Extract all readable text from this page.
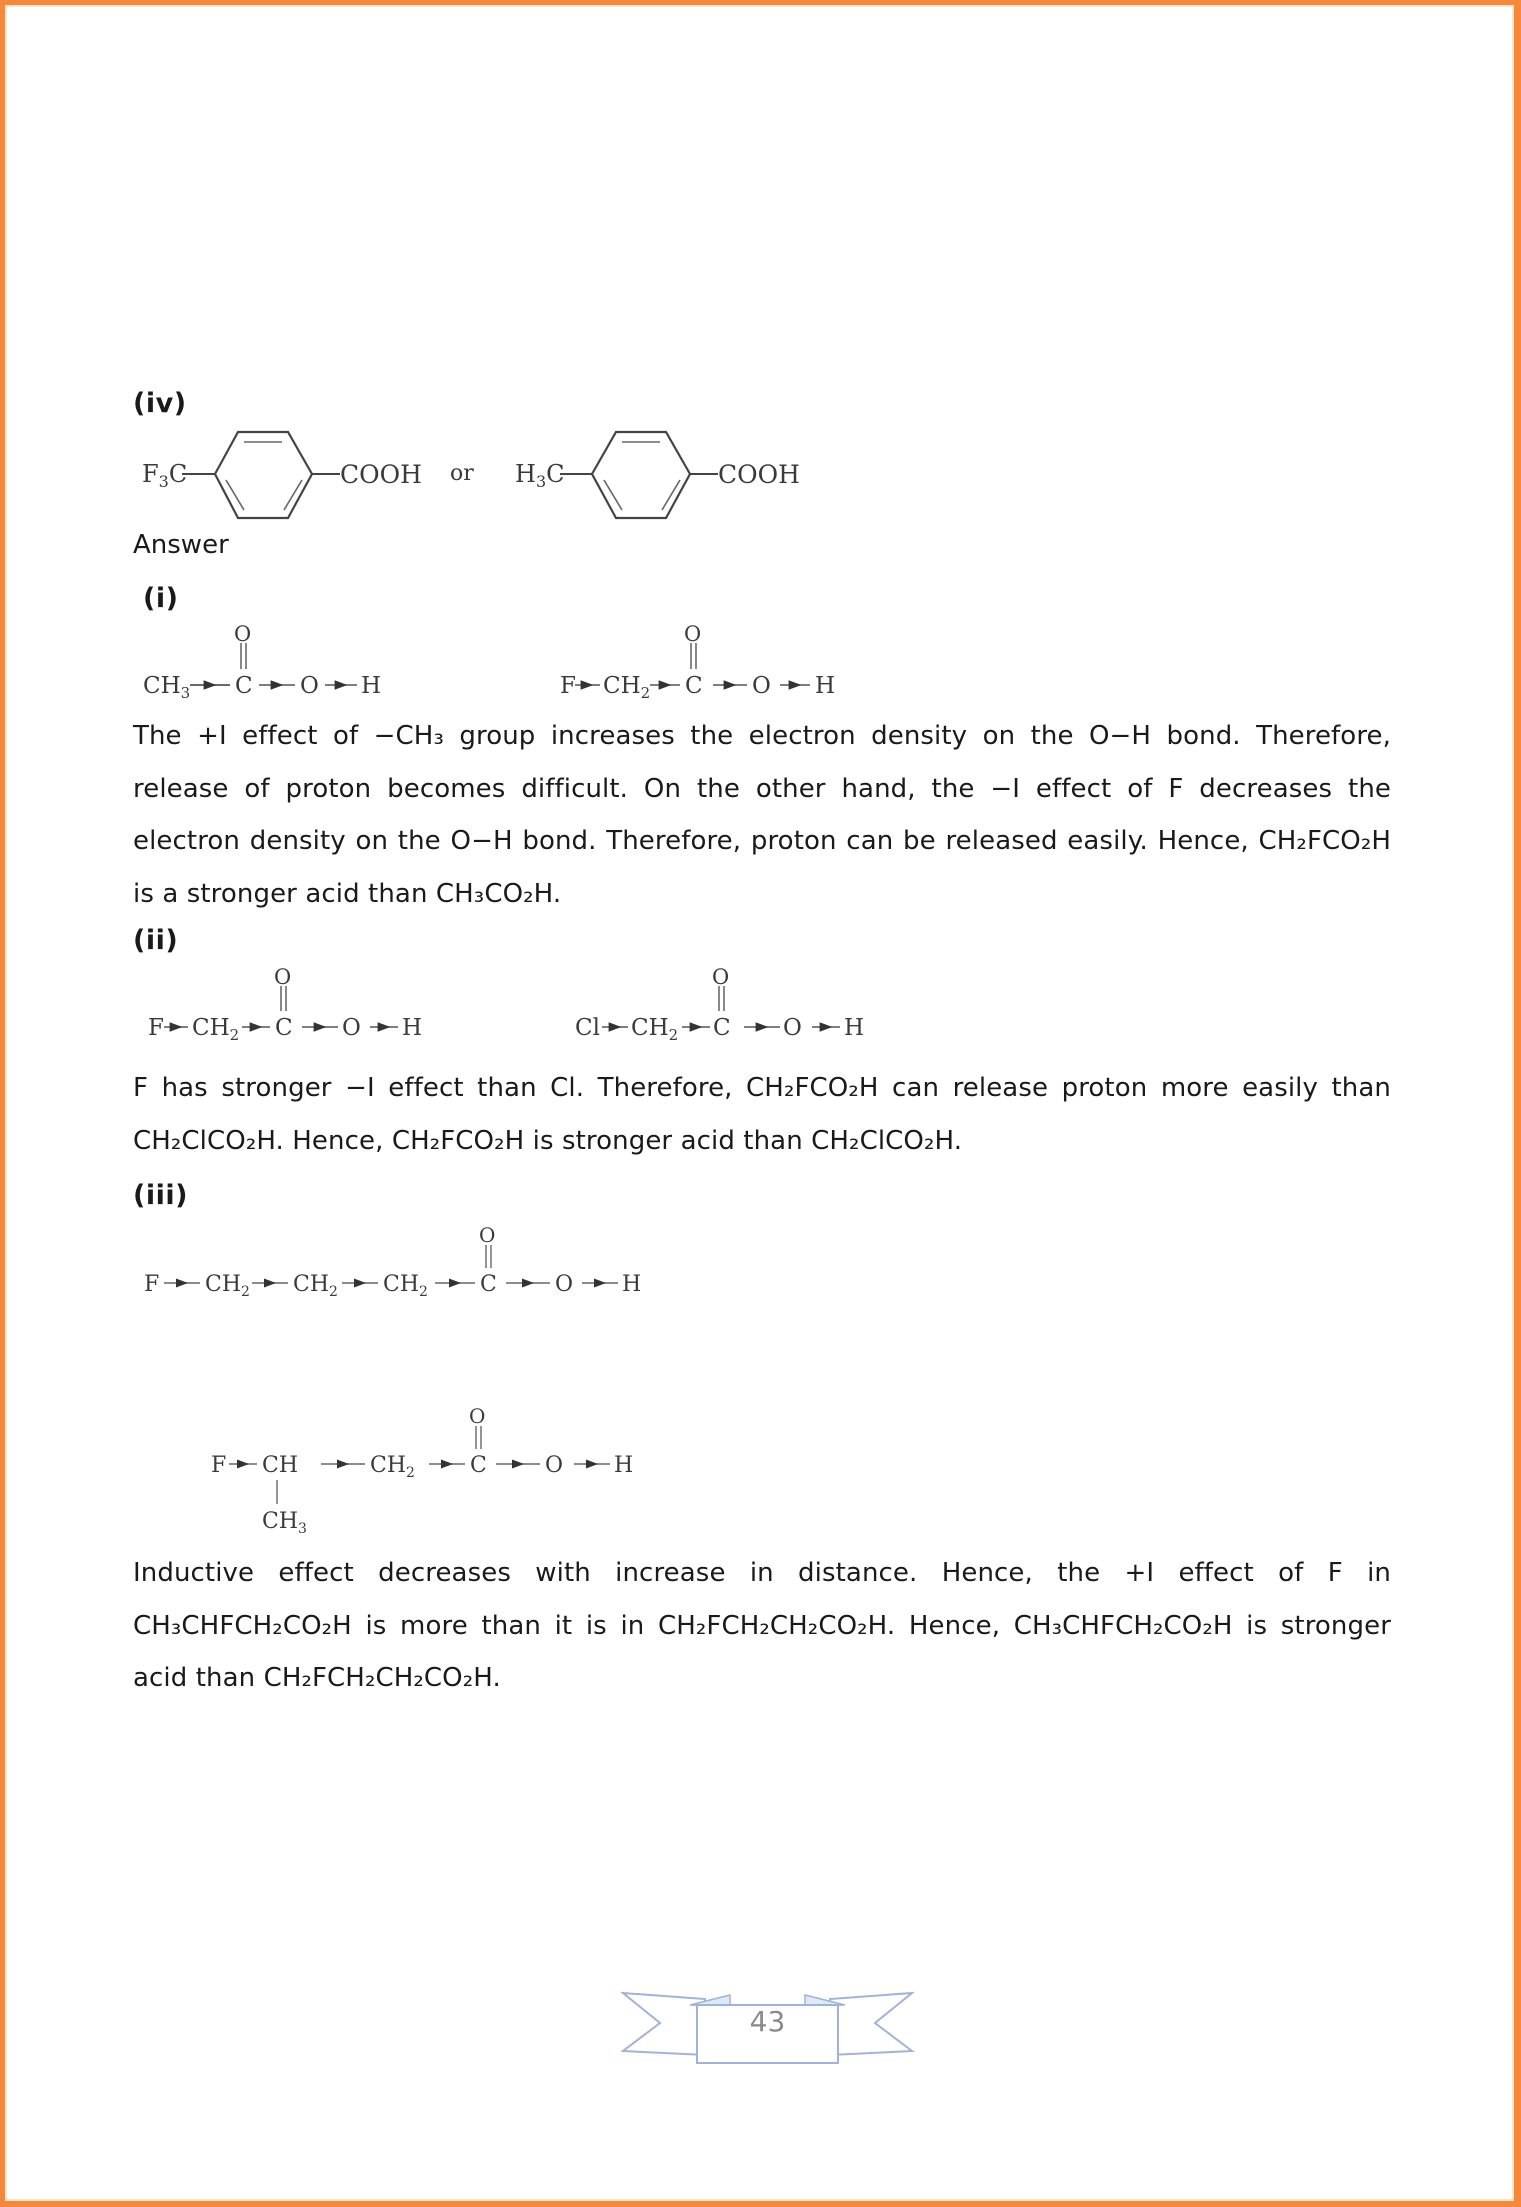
(iv)
$F_3C$	COOH or $H_3C$	COOH
Answer
(i)
$CH_3$ C
O
O H	F $CH_2$ C
O
O H

The +I effect of −CH₃ group increases the electron density on the O−H bond. Therefore, release of proton becomes difficult. On the other hand, the −I effect of F decreases the electron density on the O−H bond. Therefore, proton can be released easily. Hence, CH₂FCO₂H is a stronger acid than CH₃CO₂H.

(ii)
F $CH_2$ C
O
O H	Cl $CH_2$ C
O
O H

F has stronger −I effect than Cl. Therefore, CH₂FCO₂H can release proton more easily than CH₂ClCO₂H. Hence, CH₂FCO₂H is stronger acid than CH₂ClCO₂H.

(iii)
F $CH_2$ $CH_2$ $CH_2$ C
O
O H
F CH
$CH_3$
$CH_2$	C
O
O H

Inductive effect decreases with increase in distance. Hence, the +I effect of F in CH₃CHFCH₂CO₂H is more than it is in CH₂FCH₂CH₂CO₂H. Hence, CH₃CHFCH₂CO₂H is stronger acid than CH₂FCH₂CH₂CO₂H.

43
